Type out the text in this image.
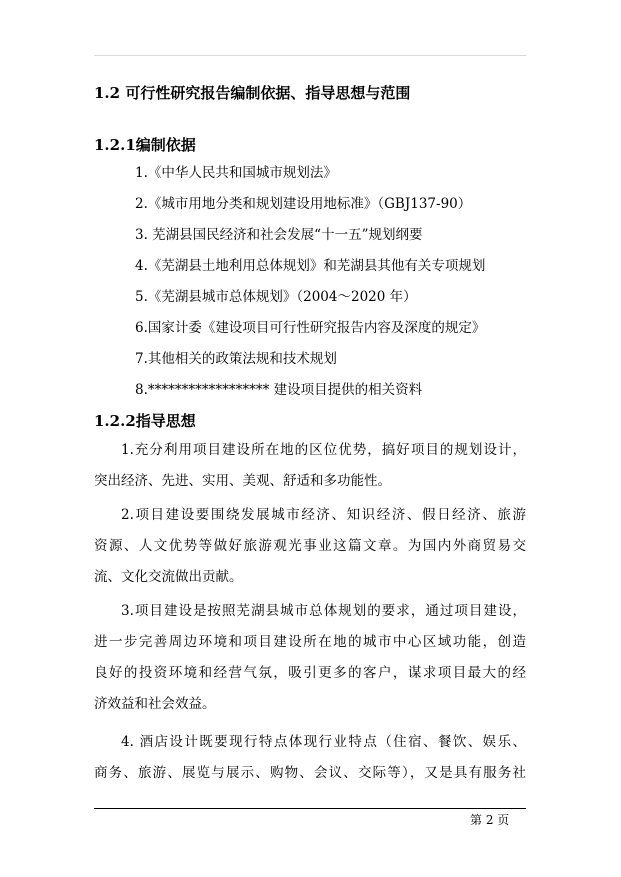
1.2 可行性研究报告编制依据、指导思想与范围
1.2.1编制依据
1.《中华人民共和国城市规划法》
2.《城市用地分类和规划建设用地标准》（GBJ137-90）
3. 芜湖县国民经济和社会发展“十一五”规划纲要
4.《芜湖县土地利用总体规划》和芜湖县其他有关专项规划
5.《芜湖县城市总体规划》（2004～2020 年）
6.国家计委《建设项目可行性研究报告内容及深度的规定》
7.其他相关的政策法规和技术规划
8.****************** 建设项目提供的相关资料
1.2.2指导思想
1.充分利用项目建设所在地的区位优势，搞好项目的规划设计，
突出经济、先进、实用、美观、舒适和多功能性。
2.项目建设要围绕发展城市经济、知识经济、假日经济、旅游
资源、人文优势等做好旅游观光事业这篇文章。为国内外商贸易交
流、文化交流做出贡献。
3.项目建设是按照芜湖县城市总体规划的要求，通过项目建设，
进一步完善周边环境和项目建设所在地的城市中心区域功能，创造
良好的投资环境和经营气氛，吸引更多的客户，谋求项目最大的经
济效益和社会效益。
4. 酒店设计既要现行特点体现行业特点（住宿、餐饮、娱乐、
商务、旅游、展览与展示、购物、会议、交际等），又是具有服务社
第 2 页
